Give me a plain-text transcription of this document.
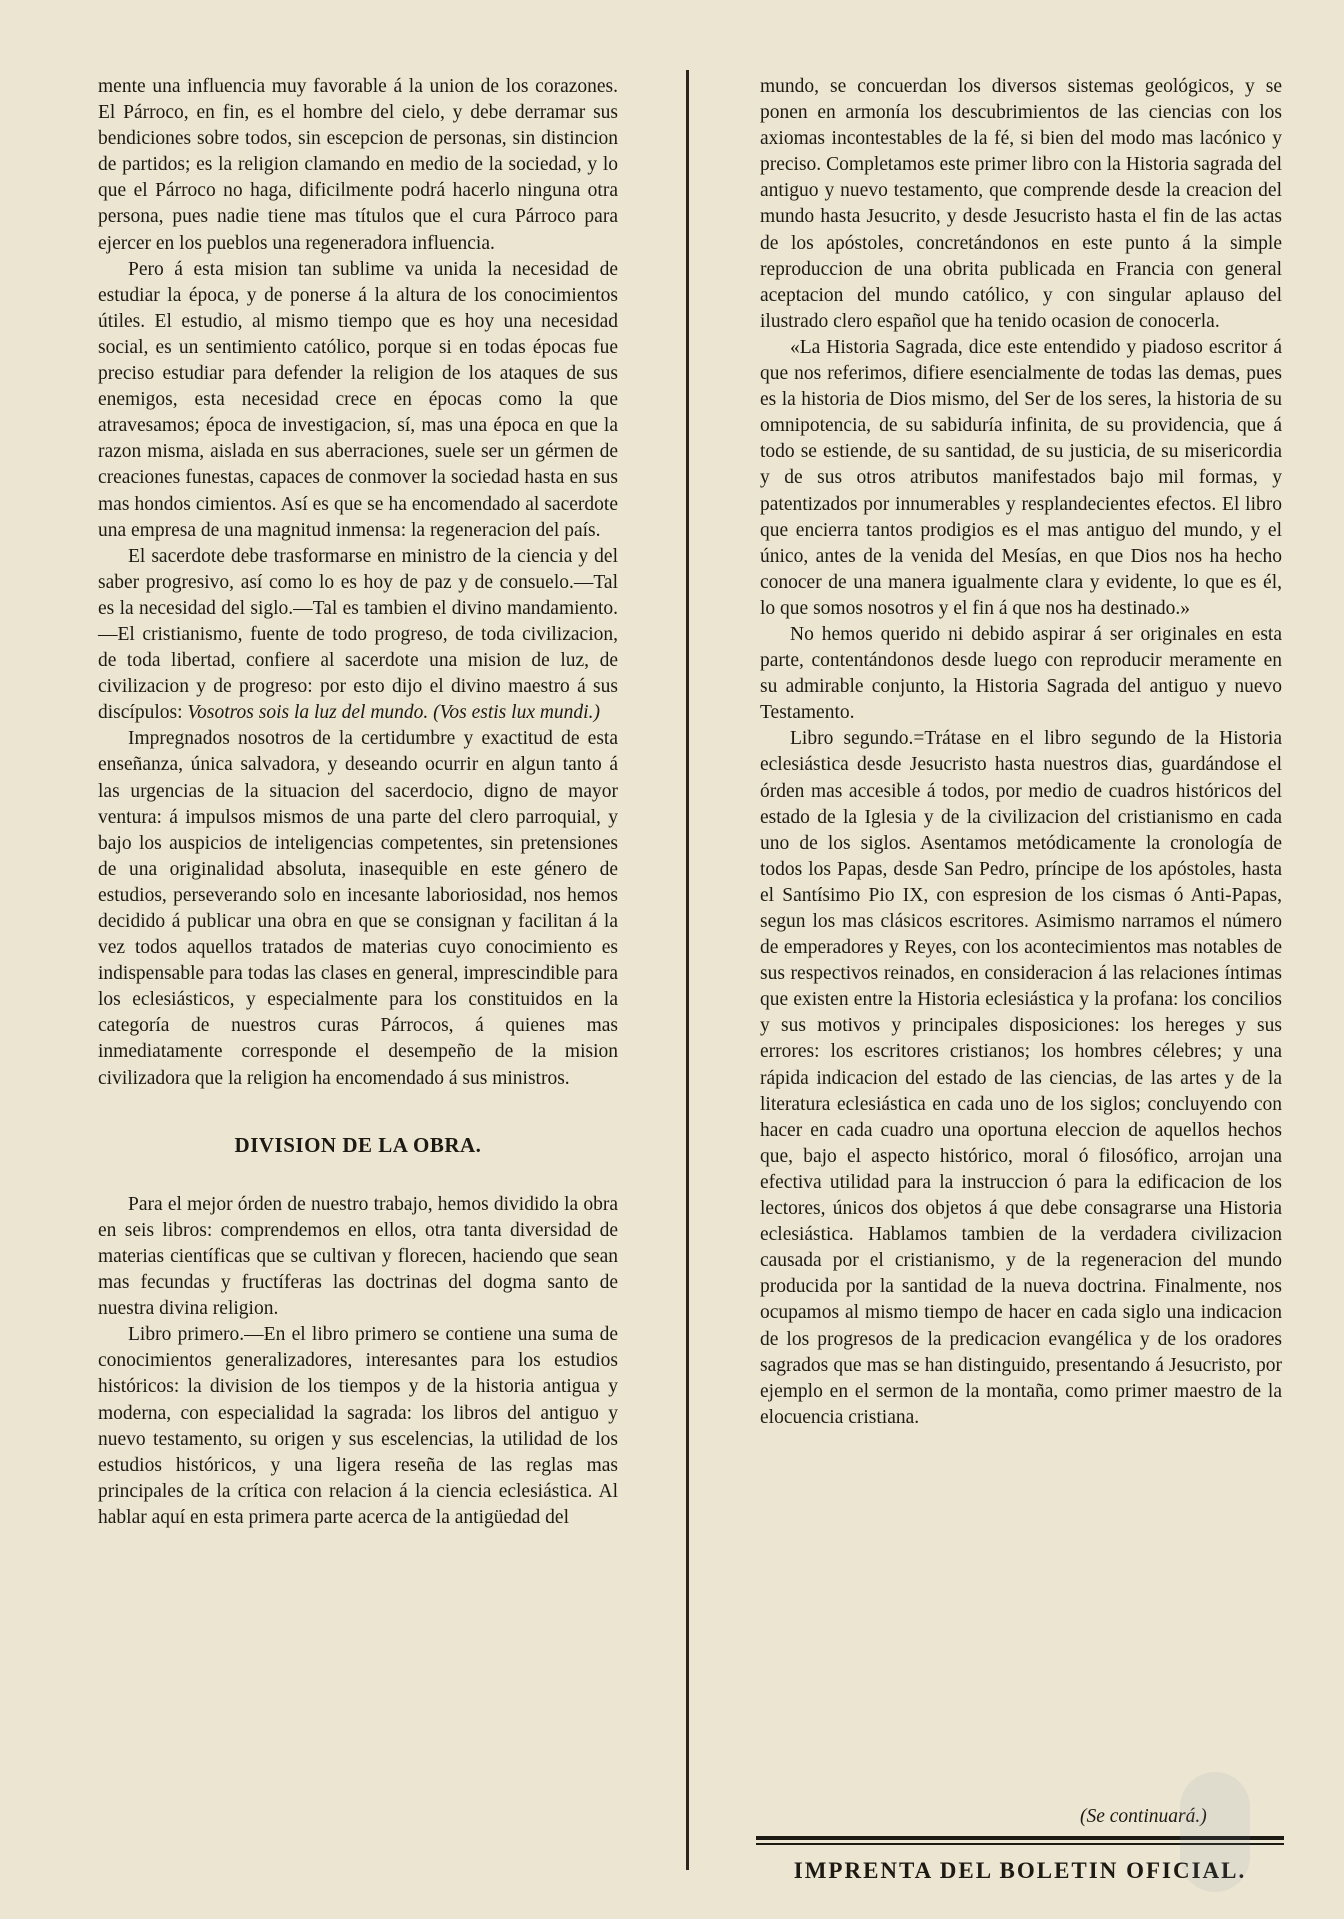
mente una influencia muy favorable á la union de los corazones. El Párroco, en fin, es el hombre del cielo, y debe derramar sus bendiciones sobre todos, sin escepcion de personas, sin distincion de partidos; es la religion clamando en medio de la sociedad, y lo que el Párroco no haga, dificilmente podrá hacerlo ninguna otra persona, pues nadie tiene mas títulos que el cura Párroco para ejercer en los pueblos una regeneradora influencia.

Pero á esta mision tan sublime va unida la necesidad de estudiar la época, y de ponerse á la altura de los conocimientos útiles. El estudio, al mismo tiempo que es hoy una necesidad social, es un sentimiento católico, porque si en todas épocas fue preciso estudiar para defender la religion de los ataques de sus enemigos, esta necesidad crece en épocas como la que atravesamos; época de investigacion, sí, mas una época en que la razon misma, aislada en sus aberraciones, suele ser un gérmen de creaciones funestas, capaces de conmover la sociedad hasta en sus mas hondos cimientos. Así es que se ha encomendado al sacerdote una empresa de una magnitud inmensa: la regeneracion del país.

El sacerdote debe trasformarse en ministro de la ciencia y del saber progresivo, así como lo es hoy de paz y de consuelo.—Tal es la necesidad del siglo.—Tal es tambien el divino mandamiento.—El cristianismo, fuente de todo progreso, de toda civilizacion, de toda libertad, confiere al sacerdote una mision de luz, de civilizacion y de progreso: por esto dijo el divino maestro á sus discípulos: Vosotros sois la luz del mundo. (Vos estis lux mundi.)

Impregnados nosotros de la certidumbre y exactitud de esta enseñanza, única salvadora, y deseando ocurrir en algun tanto á las urgencias de la situacion del sacerdocio, digno de mayor ventura: á impulsos mismos de una parte del clero parroquial, y bajo los auspicios de inteligencias competentes, sin pretensiones de una originalidad absoluta, inasequible en este género de estudios, perseverando solo en incesante laboriosidad, nos hemos decidido á publicar una obra en que se consignan y facilitan á la vez todos aquellos tratados de materias cuyo conocimiento es indispensable para todas las clases en general, imprescindible para los eclesiásticos, y especialmente para los constituidos en la categoría de nuestros curas Párrocos, á quienes mas inmediatamente corresponde el desempeño de la mision civilizadora que la religion ha encomendado á sus ministros.

DIVISION DE LA OBRA.

Para el mejor órden de nuestro trabajo, hemos dividido la obra en seis libros: comprendemos en ellos, otra tanta diversidad de materias científicas que se cultivan y florecen, haciendo que sean mas fecundas y fructíferas las doctrinas del dogma santo de nuestra divina religion.

Libro primero.—En el libro primero se contiene una suma de conocimientos generalizadores, interesantes para los estudios históricos: la division de los tiempos y de la historia antigua y moderna, con especialidad la sagrada: los libros del antiguo y nuevo testamento, su origen y sus escelencias, la utilidad de los estudios históricos, y una ligera reseña de las reglas mas principales de la crítica con relacion á la ciencia eclesiástica. Al hablar aquí en esta primera parte acerca de la antigüedad del

mundo, se concuerdan los diversos sistemas geológicos, y se ponen en armonía los descubrimientos de las ciencias con los axiomas incontestables de la fé, si bien del modo mas lacónico y preciso. Completamos este primer libro con la Historia sagrada del antiguo y nuevo testamento, que comprende desde la creacion del mundo hasta Jesucrito, y desde Jesucristo hasta el fin de las actas de los apóstoles, concretándonos en este punto á la simple reproduccion de una obrita publicada en Francia con general aceptacion del mundo católico, y con singular aplauso del ilustrado clero español que ha tenido ocasion de conocerla.

«La Historia Sagrada, dice este entendido y piadoso escritor á que nos referimos, difiere esencialmente de todas las demas, pues es la historia de Dios mismo, del Ser de los seres, la historia de su omnipotencia, de su sabiduría infinita, de su providencia, que á todo se estiende, de su santidad, de su justicia, de su misericordia y de sus otros atributos manifestados bajo mil formas, y patentizados por innumerables y resplandecientes efectos. El libro que encierra tantos prodigios es el mas antiguo del mundo, y el único, antes de la venida del Mesías, en que Dios nos ha hecho conocer de una manera igualmente clara y evidente, lo que es él, lo que somos nosotros y el fin á que nos ha destinado.»

No hemos querido ni debido aspirar á ser originales en esta parte, contentándonos desde luego con reproducir meramente en su admirable conjunto, la Historia Sagrada del antiguo y nuevo Testamento.

Libro segundo.=Trátase en el libro segundo de la Historia eclesiástica desde Jesucristo hasta nuestros dias, guardándose el órden mas accesible á todos, por medio de cuadros históricos del estado de la Iglesia y de la civilizacion del cristianismo en cada uno de los siglos. Asentamos metódicamente la cronología de todos los Papas, desde San Pedro, príncipe de los apóstoles, hasta el Santísimo Pio IX, con espresion de los cismas ó Anti-Papas, segun los mas clásicos escritores. Asimismo narramos el número de emperadores y Reyes, con los acontecimientos mas notables de sus respectivos reinados, en consideracion á las relaciones íntimas que existen entre la Historia eclesiástica y la profana: los concilios y sus motivos y principales disposiciones: los hereges y sus errores: los escritores cristianos; los hombres célebres; y una rápida indicacion del estado de las ciencias, de las artes y de la literatura eclesiástica en cada uno de los siglos; concluyendo con hacer en cada cuadro una oportuna eleccion de aquellos hechos que, bajo el aspecto histórico, moral ó filosófico, arrojan una efectiva utilidad para la instruccion ó para la edificacion de los lectores, únicos dos objetos á que debe consagrarse una Historia eclesiástica. Hablamos tambien de la verdadera civilizacion causada por el cristianismo, y de la regeneracion del mundo producida por la santidad de la nueva doctrina. Finalmente, nos ocupamos al mismo tiempo de hacer en cada siglo una indicacion de los progresos de la predicacion evangélica y de los oradores sagrados que mas se han distinguido, presentando á Jesucristo, por ejemplo en el sermon de la montaña, como primer maestro de la elocuencia cristiana.

(Se continuará.)
IMPRENTA DEL BOLETIN OFICIAL.
